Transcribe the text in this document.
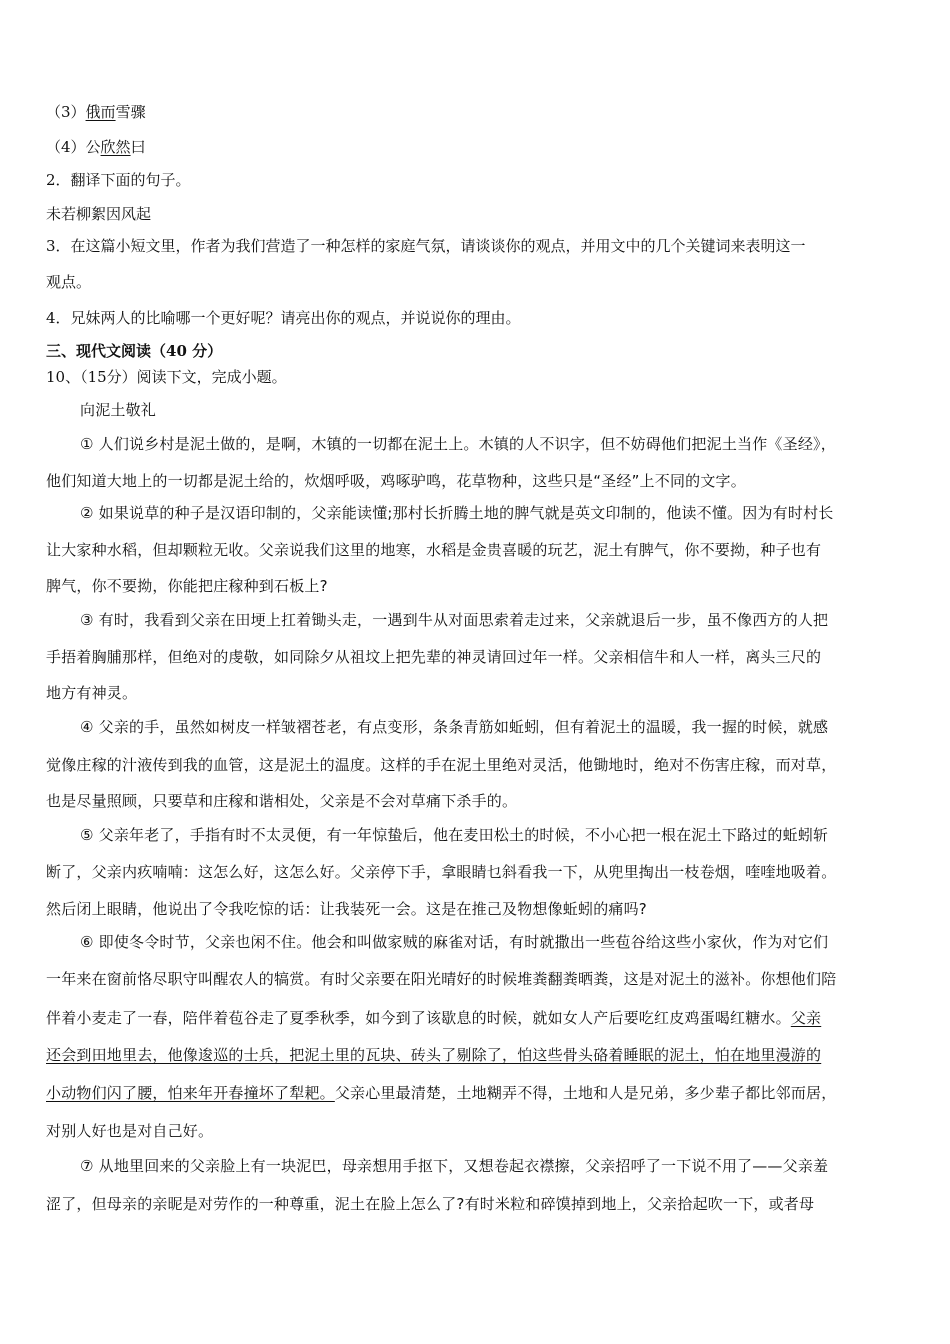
（3）俄而雪骤
（4）公欣然曰
2．翻译下面的句子。
未若柳絮因风起
3．在这篇小短文里，作者为我们营造了一种怎样的家庭气氛，请谈谈你的观点，并用文中的几个关键词来表明这一
观点。
4．兄妹两人的比喻哪一个更好呢？请亮出你的观点，并说说你的理由。
三、现代文阅读（40 分）
10、（15分）阅读下文，完成小题。
向泥土敬礼
① 人们说乡村是泥土做的，是啊，木镇的一切都在泥土上。木镇的人不识字，但不妨碍他们把泥土当作《圣经》，
他们知道大地上的一切都是泥土给的，炊烟呼吸，鸡啄驴鸣，花草物种，这些只是“圣经”上不同的文字。
② 如果说草的种子是汉语印制的，父亲能读懂;那村长折腾土地的脾气就是英文印制的，他读不懂。因为有时村长
让大家种水稻，但却颗粒无收。父亲说我们这里的地寒，水稻是金贵喜暖的玩艺，泥土有脾气，你不要拗，种子也有
脾气，你不要拗，你能把庄稼种到石板上?
③ 有时，我看到父亲在田埂上扛着锄头走，一遇到牛从对面思索着走过来，父亲就退后一步，虽不像西方的人把
手捂着胸脯那样，但绝对的虔敬，如同除夕从祖坟上把先辈的神灵请回过年一样。父亲相信牛和人一样，离头三尺的
地方有神灵。
④ 父亲的手，虽然如树皮一样皱褶苍老，有点变形，条条青筋如蚯蚓，但有着泥土的温暖，我一握的时候，就感
觉像庄稼的汁液传到我的血管，这是泥土的温度。这样的手在泥土里绝对灵活，他锄地时，绝对不伤害庄稼，而对草，
也是尽量照顾，只要草和庄稼和谐相处，父亲是不会对草痛下杀手的。
⑤ 父亲年老了，手指有时不太灵便，有一年惊蛰后，他在麦田松土的时候，不小心把一根在泥土下路过的蚯蚓斩
断了，父亲内疚喃喃：这怎么好，这怎么好。父亲停下手，拿眼睛乜斜看我一下，从兜里掏出一枝卷烟，喹喹地吸着。
然后闭上眼睛，他说出了令我吃惊的话：让我装死一会。这是在推己及物想像蚯蚓的痛吗?
⑥ 即使冬令时节，父亲也闲不住。他会和叫做家贼的麻雀对话，有时就撒出一些苞谷给这些小家伙，作为对它们
一年来在窗前恪尽职守叫醒农人的犒赏。有时父亲要在阳光晴好的时候堆粪翻粪晒粪，这是对泥土的滋补。你想他们陪
伴着小麦走了一春，陪伴着苞谷走了夏季秋季，如今到了该歇息的时候，就如女人产后要吃红皮鸡蛋喝红糖水。父亲
还会到田地里去，他像逡巡的士兵，把泥土里的瓦块、砖头了剔除了，怕这些骨头硌着睡眠的泥土，怕在地里漫游的
小动物们闪了腰，怕来年开春撞坏了犁耙。父亲心里最清楚，土地糊弄不得，土地和人是兄弟，多少辈子都比邻而居，
对别人好也是对自己好。
⑦ 从地里回来的父亲脸上有一块泥巴，母亲想用手抠下，又想卷起衣襟擦，父亲招呼了一下说不用了——父亲羞
涩了，但母亲的亲昵是对劳作的一种尊重，泥土在脸上怎么了?有时米粒和碎馍掉到地上，父亲拾起吹一下，或者母
